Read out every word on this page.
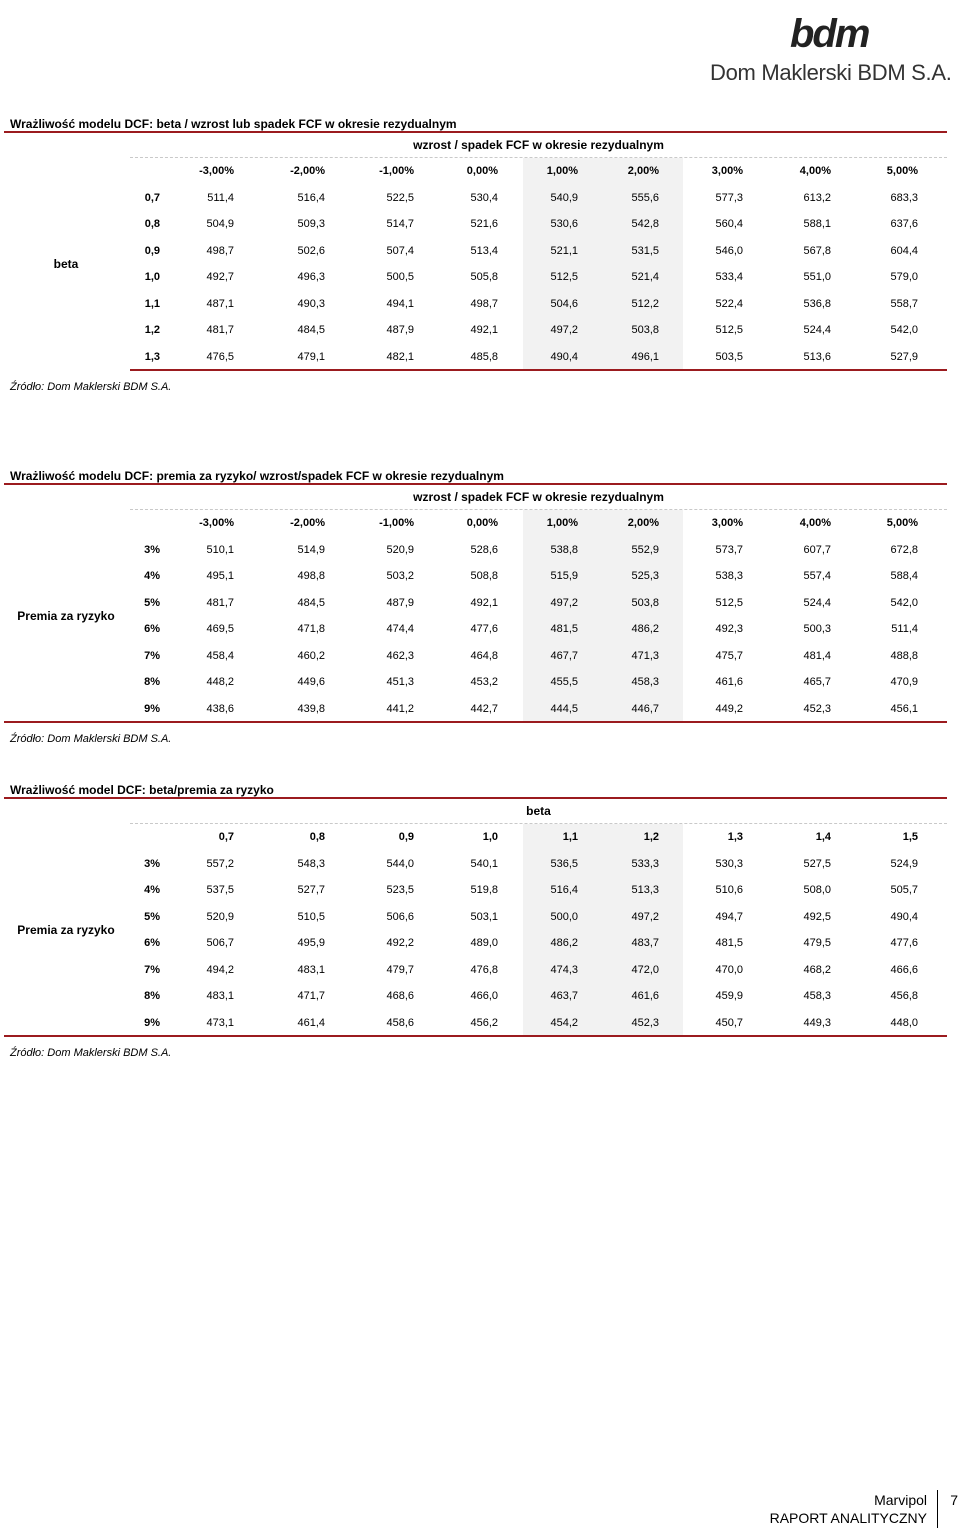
bdm
Dom Maklerski BDM S.A.
Wrażliwość modelu DCF: beta / wzrost lub spadek FCF w okresie rezydualnym
wzrost / spadek FCF w okresie rezydualnym
beta
-3,00%	-2,00%	-1,00%	0,00%	1,00%	2,00%	3,00%	4,00%	5,00%
0,7	511,4	516,4	522,5	530,4	540,9	555,6	577,3	613,2	683,3
0,8	504,9	509,3	514,7	521,6	530,6	542,8	560,4	588,1	637,6
0,9	498,7	502,6	507,4	513,4	521,1	531,5	546,0	567,8	604,4
1,0	492,7	496,3	500,5	505,8	512,5	521,4	533,4	551,0	579,0
1,1	487,1	490,3	494,1	498,7	504,6	512,2	522,4	536,8	558,7
1,2	481,7	484,5	487,9	492,1	497,2	503,8	512,5	524,4	542,0
1,3	476,5	479,1	482,1	485,8	490,4	496,1	503,5	513,6	527,9
Źródło: Dom Maklerski BDM S.A.
Wrażliwość modelu DCF: premia za ryzyko/ wzrost/spadek FCF w okresie rezydualnym
wzrost / spadek FCF w okresie rezydualnym
Premia za ryzyko
-3,00%	-2,00%	-1,00%	0,00%	1,00%	2,00%	3,00%	4,00%	5,00%
3%	510,1	514,9	520,9	528,6	538,8	552,9	573,7	607,7	672,8
4%	495,1	498,8	503,2	508,8	515,9	525,3	538,3	557,4	588,4
5%	481,7	484,5	487,9	492,1	497,2	503,8	512,5	524,4	542,0
6%	469,5	471,8	474,4	477,6	481,5	486,2	492,3	500,3	511,4
7%	458,4	460,2	462,3	464,8	467,7	471,3	475,7	481,4	488,8
8%	448,2	449,6	451,3	453,2	455,5	458,3	461,6	465,7	470,9
9%	438,6	439,8	441,2	442,7	444,5	446,7	449,2	452,3	456,1
Źródło: Dom Maklerski BDM S.A.
Wrażliwość model DCF: beta/premia za ryzyko
beta
Premia za ryzyko
0,7	0,8	0,9	1,0	1,1	1,2	1,3	1,4	1,5
3%	557,2	548,3	544,0	540,1	536,5	533,3	530,3	527,5	524,9
4%	537,5	527,7	523,5	519,8	516,4	513,3	510,6	508,0	505,7
5%	520,9	510,5	506,6	503,1	500,0	497,2	494,7	492,5	490,4
6%	506,7	495,9	492,2	489,0	486,2	483,7	481,5	479,5	477,6
7%	494,2	483,1	479,7	476,8	474,3	472,0	470,0	468,2	466,6
8%	483,1	471,7	468,6	466,0	463,7	461,6	459,9	458,3	456,8
9%	473,1	461,4	458,6	456,2	454,2	452,3	450,7	449,3	448,0
Źródło: Dom Maklerski BDM S.A.
Marvipol
RAPORT ANALITYCZNY
7
